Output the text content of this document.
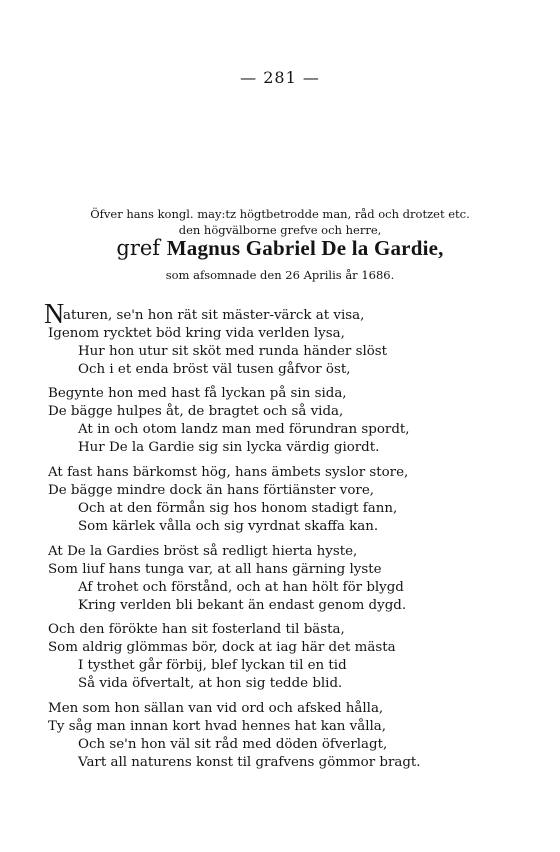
— 281 —
Öfver hans kongl. may:tz högtbetrodde man, råd och drotzet etc.
den högvälborne grefve och herre,
gref Magnus Gabriel De la Gardie,
som afsomnade den 26 Aprilis år 1686.
N
aturen, se'n hon rät sit mäster-värck at visa,
Igenom rycktet böd kring vida verlden lysa,
Hur hon utur sit sköt med runda händer slöst
Och i et enda bröst väl tusen gåfvor öst,
Begynte hon med hast få lyckan på sin sida,
De bägge hulpes åt, de bragtet och så vida,
At in och otom landz man med förundran spordt,
Hur De la Gardie sig sin lycka värdig giordt.
At fast hans bärkomst hög, hans ämbets syslor store,
De bägge mindre dock än hans förtiänster vore,
Och at den förmån sig hos honom stadigt fann,
Som kärlek vålla och sig vyrdnat skaffa kan.
At De la Gardies bröst så redligt hierta hyste,
Som liuf hans tunga var, at all hans gärning lyste
Af trohet och förstånd, och at han hölt för blygd
Kring verlden bli bekant än endast genom dygd.
Och den förökte han sit fosterland til bästa,
Som aldrig glömmas bör, dock at iag här det mästa
I tysthet går förbij, blef lyckan til en tid
Så vida öfvertalt, at hon sig tedde blid.
Men som hon sällan van vid ord och afsked hålla,
Ty såg man innan kort hvad hennes hat kan vålla,
Och se'n hon väl sit råd med döden öfverlagt,
Vart all naturens konst til grafvens gömmor bragt.
